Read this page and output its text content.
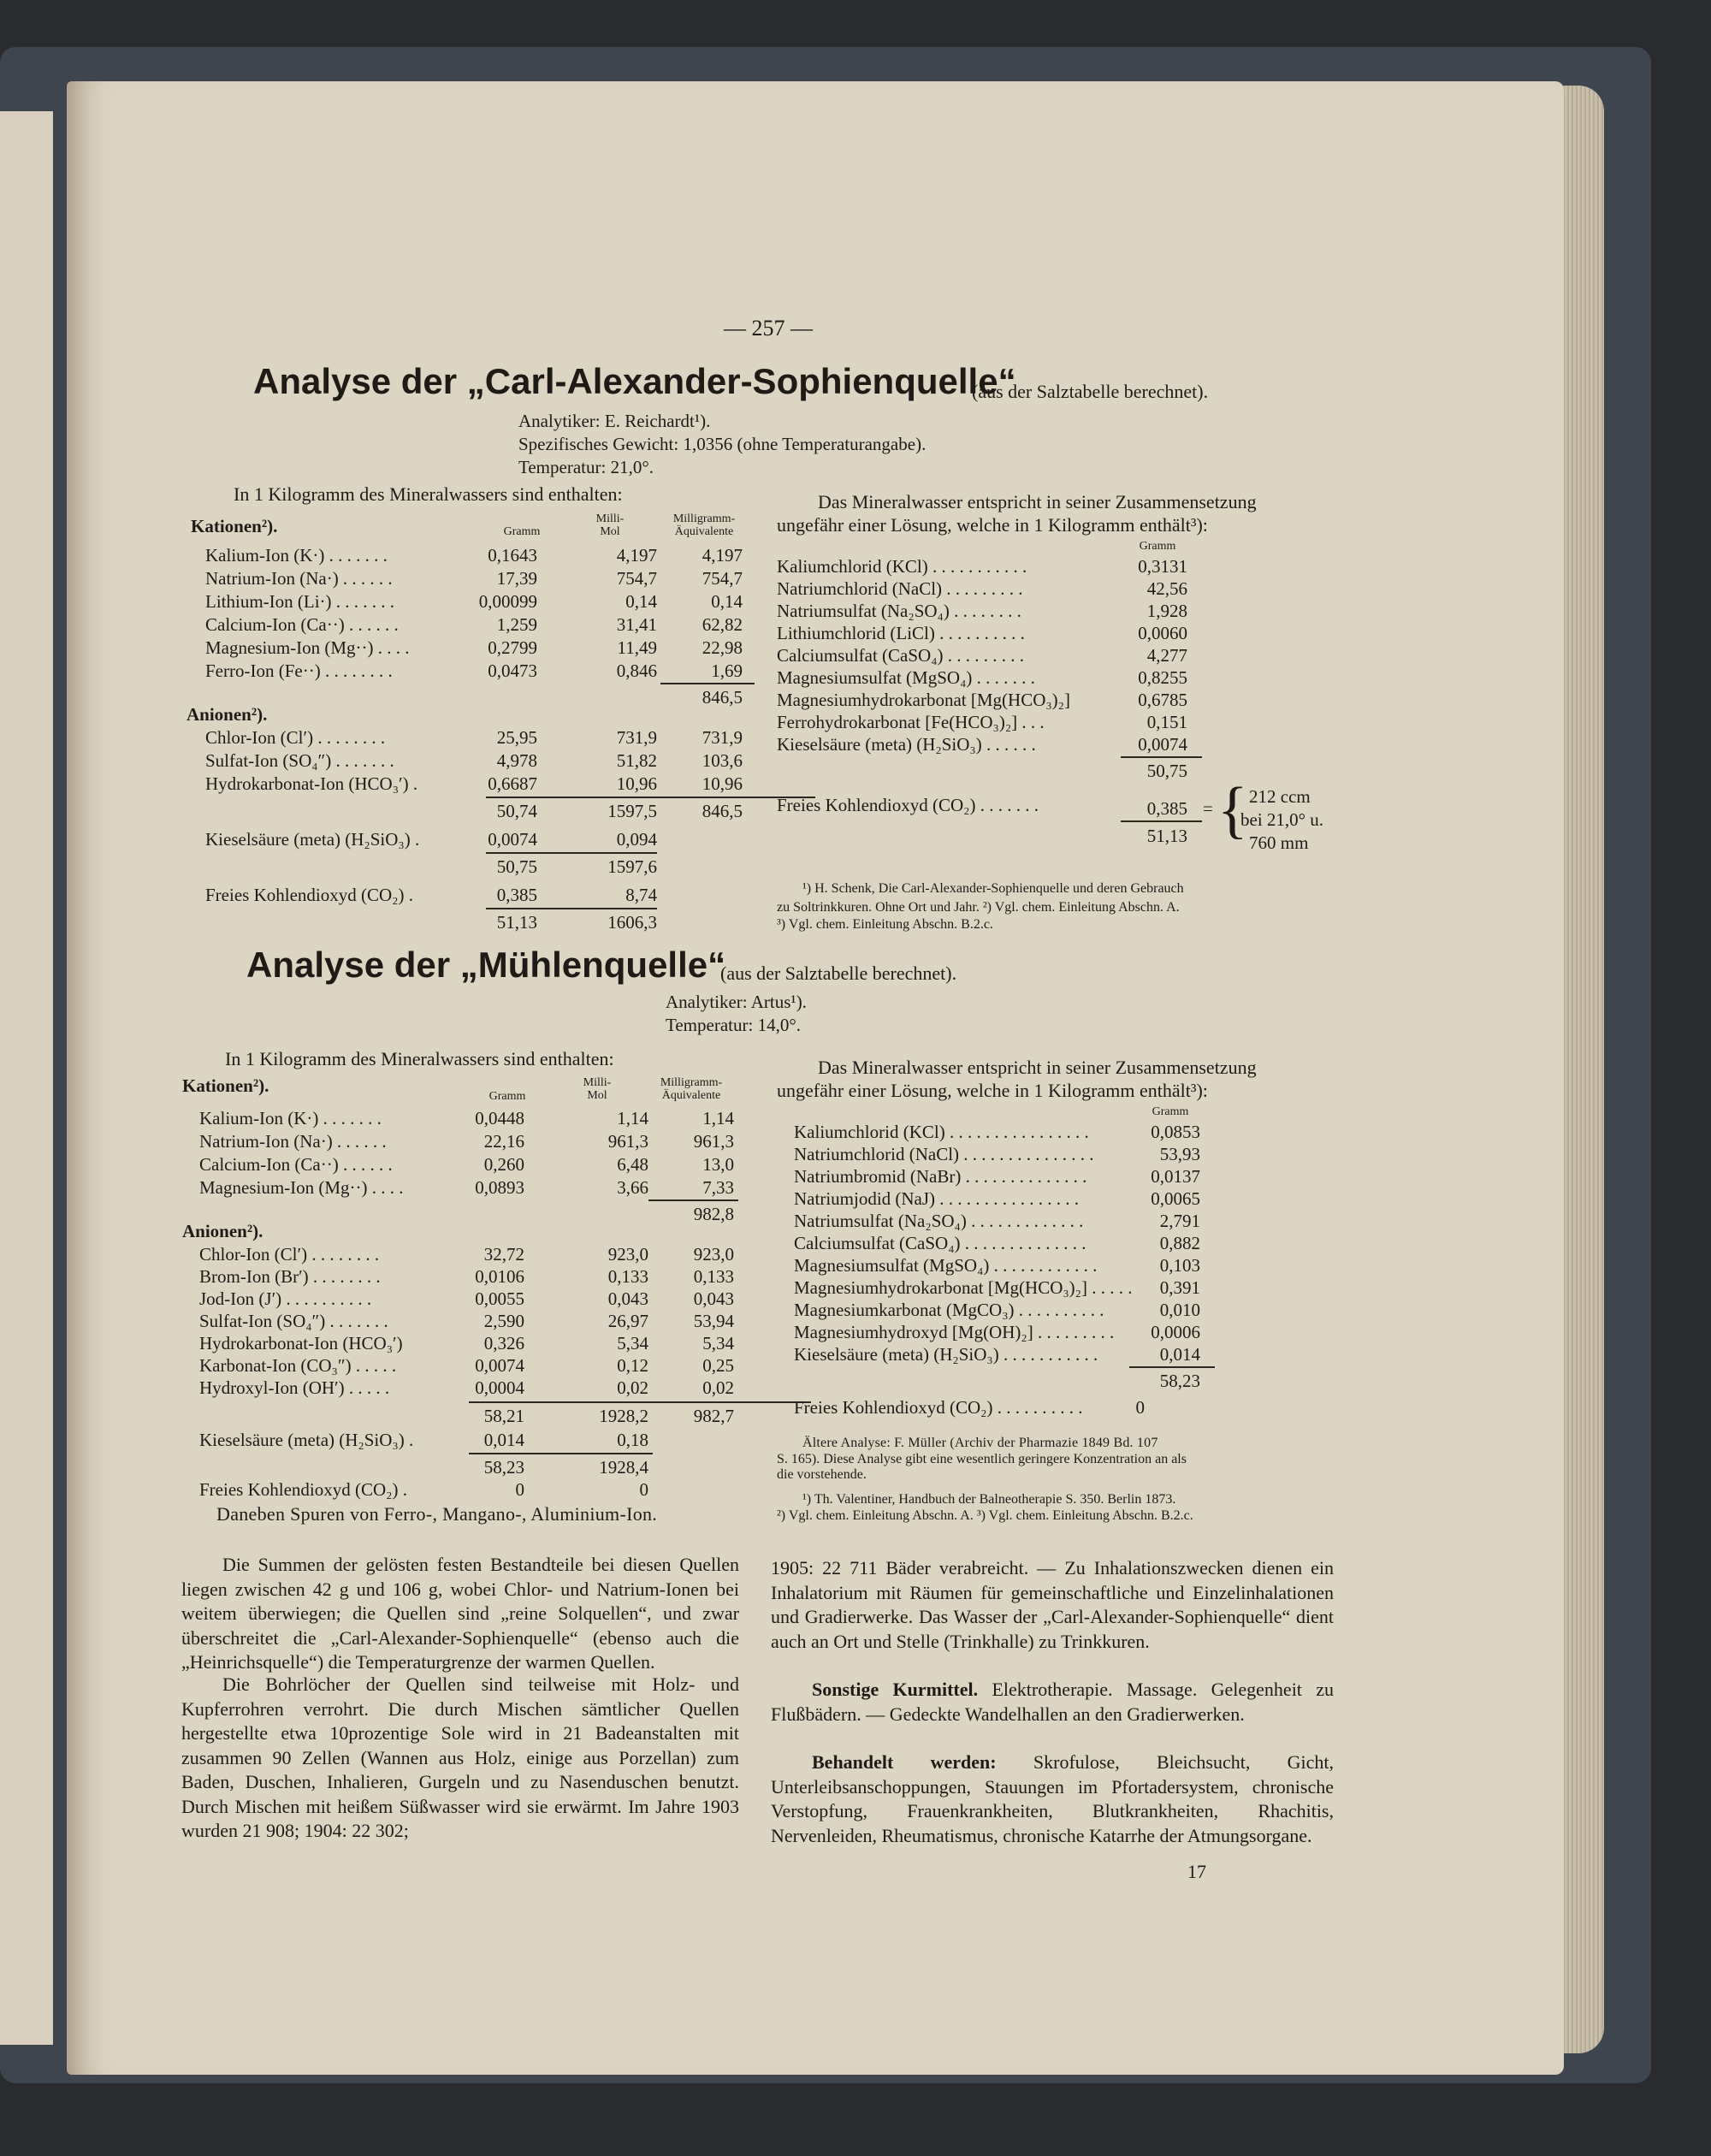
— 257 —
Analyse der „Carl-Alexander-Sophienquelle“
(aus der Salztabelle berechnet).
Analytiker: E. Reichardt¹).
Spezifisches Gewicht: 1,0356 (ohne Temperaturangabe).
Temperatur: 21,0°.
In 1 Kilogramm des Mineralwassers sind enthalten:
Kationen²).	Gramm
Milli-
Mol
Milligramm-
Äquivalente
Kalium-Ion (K·) . . . . . . .	0,1643	4,197	4,197
Natrium-Ion (Na·) . . . . . .	17,39	754,7	754,7
Lithium-Ion (Li·) . . . . . . .	0,00099	0,14	0,14
Calcium-Ion (Ca··) . . . . . .	1,259	31,41	62,82
Magnesium-Ion (Mg··) . . . .	0,2799	11,49	22,98
Ferro-Ion (Fe··) . . . . . . . .	0,0473	0,846	1,69
846,5
Anionen²).
Chlor-Ion (Cl′) . . . . . . . .	25,95	731,9	731,9
Sulfat-Ion (SO₄″) . . . . . . .	4,978	51,82	103,6
Hydrokarbonat-Ion (HCO₃′) .	0,6687	10,96	10,96
50,74	1597,5	846,5
Kieselsäure (meta) (H₂SiO₃) .	0,0074	0,094
50,75	1597,6
Freies Kohlendioxyd (CO₂) .	0,385	8,74
51,13	1606,3
Das Mineralwasser entspricht in seiner Zusammensetzung
ungefähr einer Lösung, welche in 1 Kilogramm enthält³):
Gramm
Kaliumchlorid (KCl) . . . . . . . . . . .	0,3131
Natriumchlorid (NaCl) . . . . . . . . .	42,56
Natriumsulfat (Na₂SO₄) . . . . . . . .	1,928
Lithiumchlorid (LiCl) . . . . . . . . . .	0,0060
Calciumsulfat (CaSO₄) . . . . . . . . .	4,277
Magnesiumsulfat (MgSO₄) . . . . . . .	0,8255
Magnesiumhydrokarbonat [Mg(HCO₃)₂]	0,6785
Ferrohydrokarbonat [Fe(HCO₃)₂] . . .	0,151
Kieselsäure (meta) (H₂SiO₃) . . . . . .	0,0074
50,75
Freies Kohlendioxyd (CO₂) . . . . . . .	0,385 = { 212 ccm
bei 21,0° u.
760 mm
51,13
¹) H. Schenk, Die Carl-Alexander-Sophienquelle und deren Gebrauch
zu Soltrinkkuren. Ohne Ort und Jahr. ²) Vgl. chem. Einleitung Abschn. A.
³) Vgl. chem. Einleitung Abschn. B.2.c.
Analyse der „Mühlenquelle“
(aus der Salztabelle berechnet).
Analytiker: Artus¹).
Temperatur: 14,0°.
In 1 Kilogramm des Mineralwassers sind enthalten:
Kationen²).
Gramm
Milli-
Mol
Milligramm-
Äquivalente
Kalium-Ion (K·) . . . . . . .	0,0448	1,14	1,14
Natrium-Ion (Na·) . . . . . .	22,16	961,3	961,3
Calcium-Ion (Ca··) . . . . . .	0,260	6,48	13,0
Magnesium-Ion (Mg··) . . . .	0,0893	3,66	7,33
982,8
Anionen²).
Chlor-Ion (Cl′) . . . . . . . .	32,72	923,0	923,0
Brom-Ion (Br′) . . . . . . . .	0,0106	0,133	0,133
Jod-Ion (J′) . . . . . . . . . .	0,0055	0,043	0,043
Sulfat-Ion (SO₄″) . . . . . . .	2,590	26,97	53,94
Hydrokarbonat-Ion (HCO₃′)	0,326	5,34	5,34
Karbonat-Ion (CO₃″) . . . . .	0,0074	0,12	0,25
Hydroxyl-Ion (OH′) . . . . .	0,0004	0,02	0,02
58,21	1928,2	982,7
Kieselsäure (meta) (H₂SiO₃) .	0,014	0,18
58,23	1928,4
Freies Kohlendioxyd (CO₂) .	0	0
Daneben Spuren von Ferro-, Mangano-, Aluminium-Ion.
Das Mineralwasser entspricht in seiner Zusammensetzung
ungefähr einer Lösung, welche in 1 Kilogramm enthält³):
Gramm
Kaliumchlorid (KCl) . . . . . . . . . . . . . . . .	0,0853
Natriumchlorid (NaCl) . . . . . . . . . . . . . . .	53,93
Natriumbromid (NaBr) . . . . . . . . . . . . . .	0,0137
Natriumjodid (NaJ) . . . . . . . . . . . . . . . .	0,0065
Natriumsulfat (Na₂SO₄) . . . . . . . . . . . . .	2,791
Calciumsulfat (CaSO₄) . . . . . . . . . . . . . .	0,882
Magnesiumsulfat (MgSO₄) . . . . . . . . . . . .	0,103
Magnesiumhydrokarbonat [Mg(HCO₃)₂] . . . . .	0,391
Magnesiumkarbonat (MgCO₃) . . . . . . . . . .	0,010
Magnesiumhydroxyd [Mg(OH)₂] . . . . . . . . .	0,0006
Kieselsäure (meta) (H₂SiO₃) . . . . . . . . . . .	0,014
58,23
Freies Kohlendioxyd (CO₂) . . . . . . . . . .	0
Ältere Analyse: F. Müller (Archiv der Pharmazie 1849 Bd. 107
S. 165). Diese Analyse gibt eine wesentlich geringere Konzentration an als
die vorstehende.
¹) Th. Valentiner, Handbuch der Balneotherapie S. 350. Berlin 1873.
²) Vgl. chem. Einleitung Abschn. A. ³) Vgl. chem. Einleitung Abschn. B.2.c.
Die Summen der gelösten festen Bestandteile bei diesen Quellen liegen zwischen 42 g und 106 g, wobei Chlor- und Natrium-Ionen bei weitem überwiegen; die Quellen sind „reine Solquellen“, und zwar überschreitet die „Carl-Alexander-Sophienquelle“ (ebenso auch die „Heinrichsquelle“) die Temperaturgrenze der warmen Quellen.
Die Bohrlöcher der Quellen sind teilweise mit Holz- und Kupferrohren verrohrt. Die durch Mischen sämtlicher Quellen hergestellte etwa 10prozentige Sole wird in 21 Badeanstalten mit zusammen 90 Zellen (Wannen aus Holz, einige aus Porzellan) zum Baden, Duschen, Inhalieren, Gurgeln und zu Nasenduschen benutzt. Durch Mischen mit heißem Süßwasser wird sie erwärmt. Im Jahre 1903 wurden 21 908; 1904: 22 302;
1905: 22 711 Bäder verabreicht. — Zu Inhalationszwecken dienen ein Inhalatorium mit Räumen für gemeinschaftliche und Einzelinhalationen und Gradierwerke. Das Wasser der „Carl-Alexander-Sophienquelle“ dient auch an Ort und Stelle (Trinkhalle) zu Trinkkuren.
Sonstige Kurmittel. Elektrotherapie. Massage. Gelegenheit zu Flußbädern. — Gedeckte Wandelhallen an den Gradierwerken.
Behandelt werden: Skrofulose, Bleichsucht, Gicht, Unterleibsanschoppungen, Stauungen im Pfortadersystem, chronische Verstopfung, Frauenkrankheiten, Blutkrankheiten, Rhachitis, Nervenleiden, Rheumatismus, chronische Katarrhe der Atmungsorgane.
17
